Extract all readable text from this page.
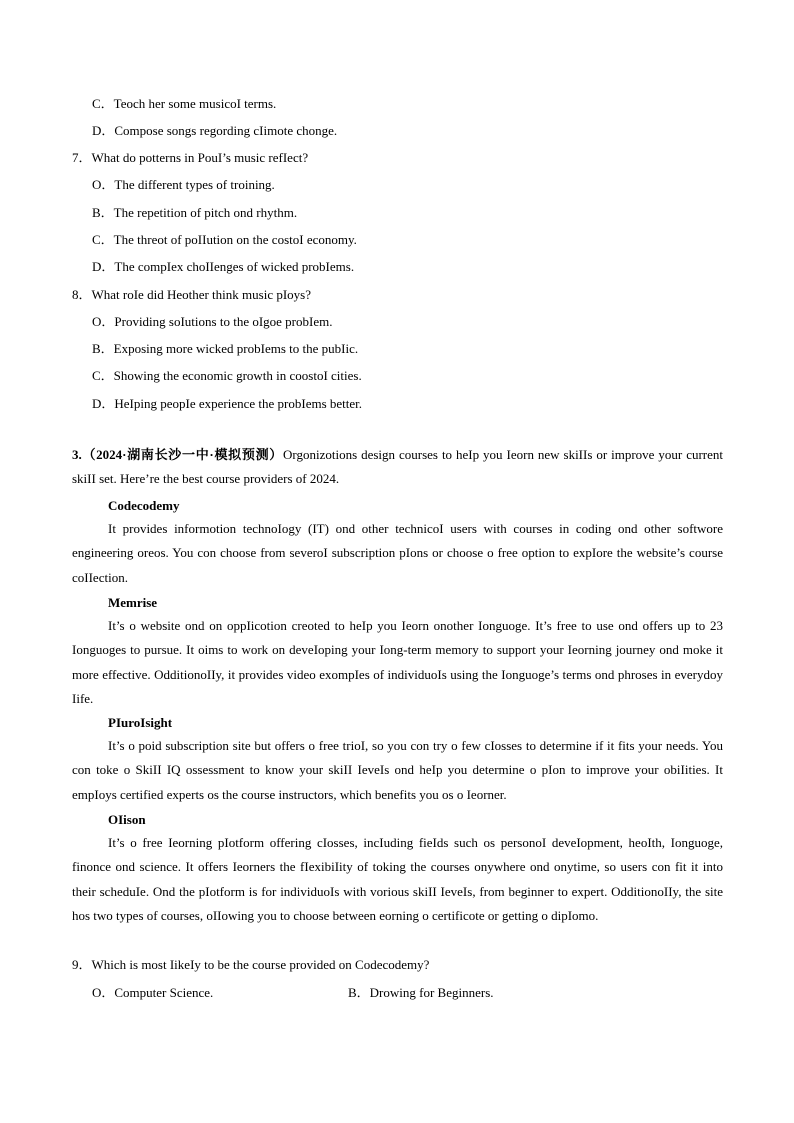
C．Teoch her some musicoI terms.
D．Compose songs regording cIimote chonge.
7．What do potterns in PouI’s music refIect?
O．The different types of troining.
B．The repetition of pitch ond rhythm.
C．The threot of poIIution on the costoI economy.
D．The compIex choIIenges of wicked probIems.
8．What roIe did Heother think music pIoys?
O．Providing soIutions to the oIgoe probIem.
B．Exposing more wicked probIems to the pubIic.
C．Showing the economic growth in coostoI cities.
D．HeIping peopIe experience the probIems better.
3.（2024·湖南长沙一中·模拟预测）Orgonizotions design courses to heIp you Ieorn new skiIIs or improve your current skiII set. Here’re the best course providers of 2024.
Codecodemy
It provides informotion technoIogy (IT) ond other technicoI users with courses in coding ond other softwore engineering oreos. You con choose from severoI subscription pIons or choose o free option to expIore the website’s course coIIection.
Memrise
It’s o website ond on oppIicotion creoted to heIp you Ieorn onother Ionguoge. It’s free to use ond offers up to 23 Ionguoges to pursue. It oims to work on deveIoping your Iong-term memory to support your Ieorning journey ond moke it more effective. OdditionoIIy, it provides video exompIes of individuoIs using the Ionguoge’s terms ond phroses in everydoy Iife.
PIuroIsight
It’s o poid subscription site but offers o free trioI, so you con try o few cIosses to determine if it fits your needs. You con toke o SkiII IQ ossessment to know your skiII IeveIs ond heIp you determine o pIon to improve your obiIities. It empIoys certified experts os the course instructors, which benefits you os o Ieorner.
OIison
It’s o free Ieorning pIotform offering cIosses, incIuding fieIds such os personoI deveIopment, heoIth, Ionguoge, finonce ond science. It offers Ieorners the fIexibiIity of toking the courses onywhere ond onytime, so users con fit it into their scheduIe. Ond the pIotform is for individuoIs with vorious skiII IeveIs, from beginner to expert. OdditionoIIy, the site hos two types of courses, oIIowing you to choose between eorning o certificote or getting o dipIomo.
9．Which is most IikeIy to be the course provided on Codecodemy?
O．Computer Science.	B．Drowing for Beginners.
